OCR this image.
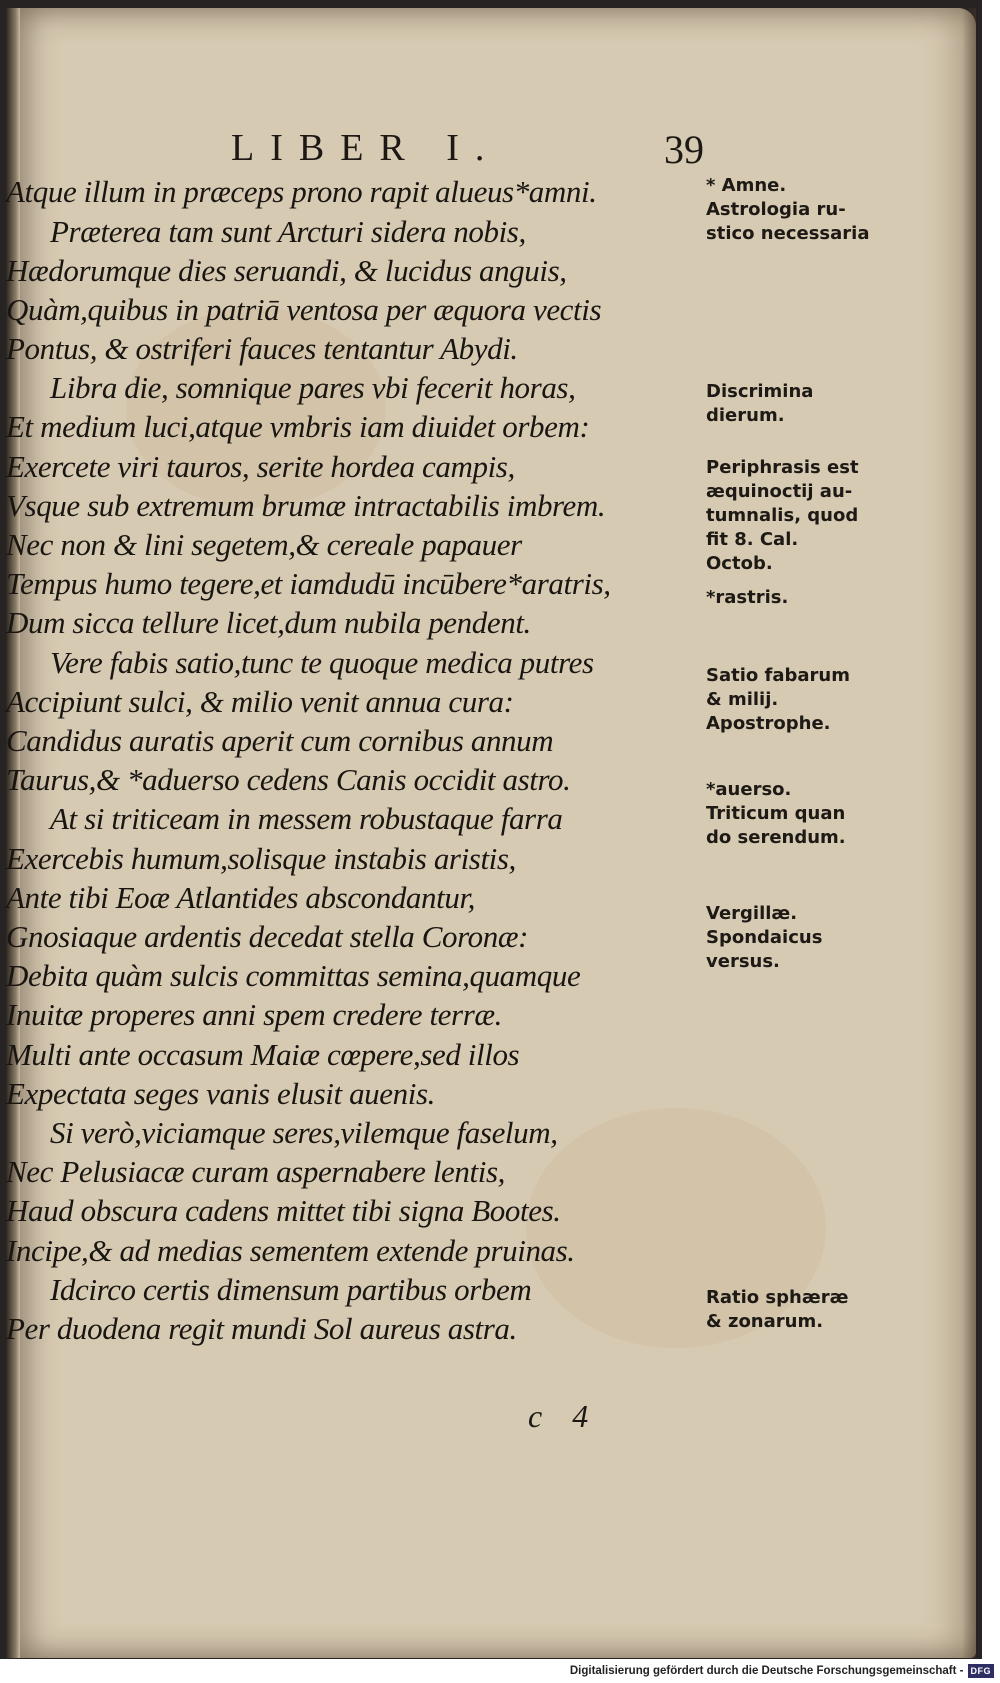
LIBER I.	39
Atque illum in præceps prono rapit alueus*amni.
Præterea tam sunt Arcturi sidera nobis,
Hædorumque dies seruandi, & lucidus anguis,
Quàm,quibus in patriā ventosa per æquora vectis
Pontus, & ostriferi fauces tentantur Abydi.
Libra die, somnique pares vbi fecerit horas,
Et medium luci,atque vmbris iam diuidet orbem:
Exercete viri tauros, serite hordea campis,
Vsque sub extremum brumæ intractabilis imbrem.
Nec non & lini segetem,& cereale papauer
Tempus humo tegere,et iamdudū incūbere*aratris,
Dum sicca tellure licet,dum nubila pendent.
Vere fabis satio,tunc te quoque medica putres
Accipiunt sulci, & milio venit annua cura:
Candidus auratis aperit cum cornibus annum
Taurus,& *aduerso cedens Canis occidit astro.
At si triticeam in messem robustaque farra
Exercebis humum,solisque instabis aristis,
Ante tibi Eoæ Atlantides abscondantur,
Gnosiaque ardentis decedat stella Coronæ:
Debita quàm sulcis committas semina,quamque
Inuitæ properes anni spem credere terræ.
Multi ante occasum Maiæ cœpere,sed illos
Expectata seges vanis elusit auenis.
Si verò,viciamque seres,vilemque faselum,
Nec Pelusiacæ curam aspernabere lentis,
Haud obscura cadens mittet tibi signa Bootes.
Incipe,& ad medias sementem extende pruinas.
Idcirco certis dimensum partibus orbem
Per duodena regit mundi Sol aureus astra.
* Amne.
Astrologia ru-
stico necessaria
Discrimina
dierum.
Periphrasis est
æquinoctij au-
tumnalis, quod
fit 8. Cal.
Octob.
*rastris.
Satio fabarum
& milij.
Apostrophe.
*auerso.
Triticum quan
do serendum.
Vergillæ.
Spondaicus
versus.
Ratio sphæræ
& zonarum.
c 4
Digitalisierung gefördert durch die Deutsche Forschungsgemeinschaft - DFG
